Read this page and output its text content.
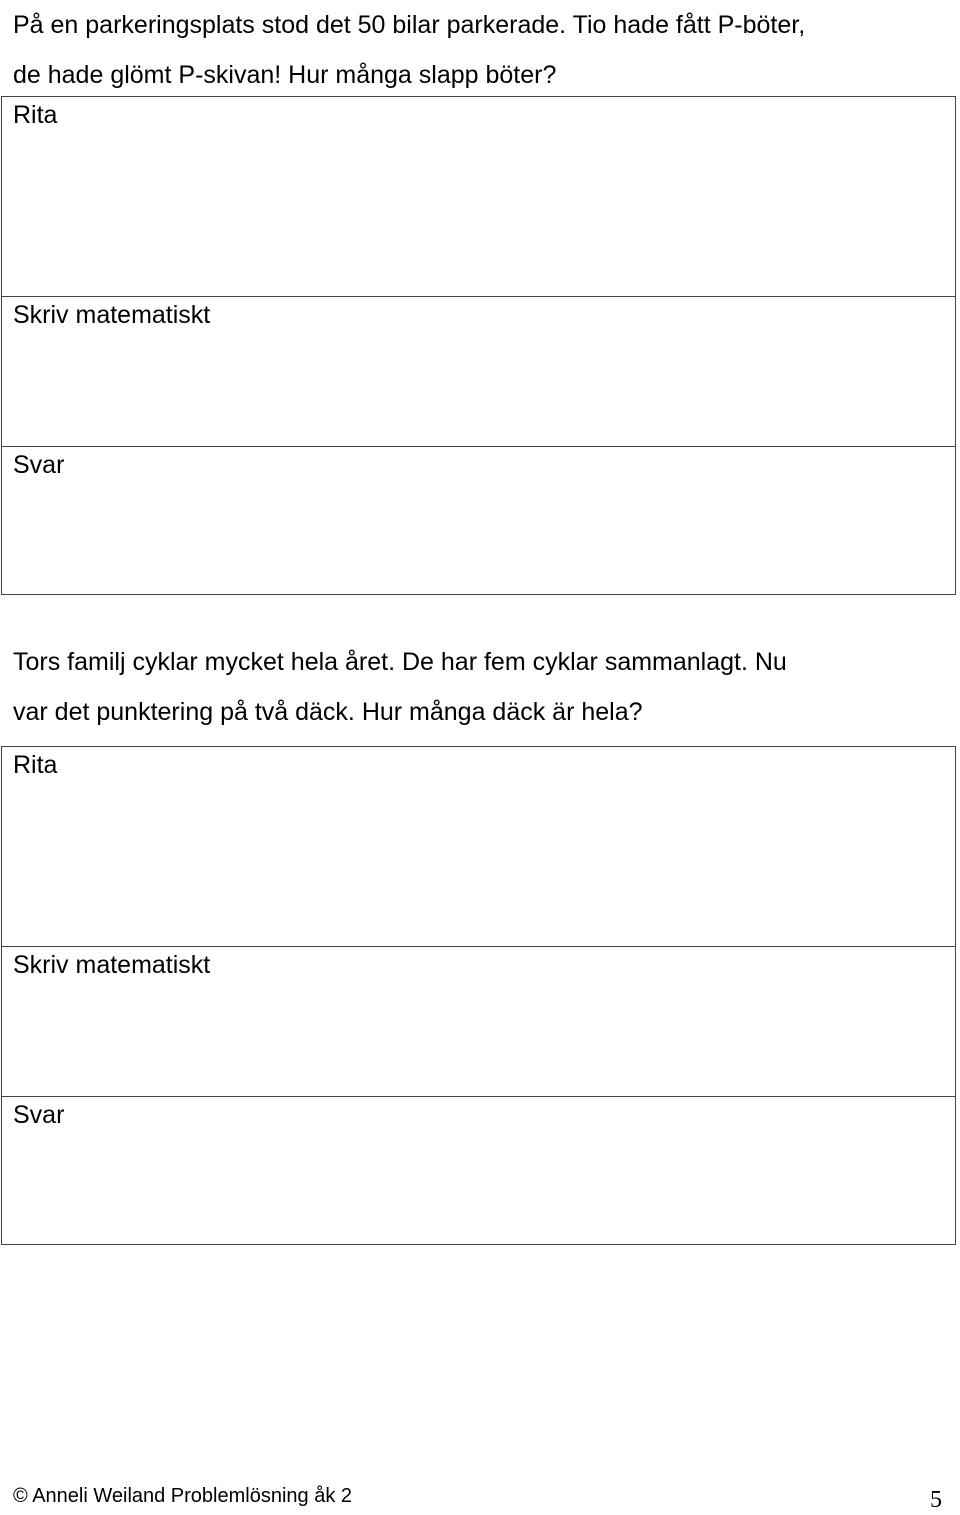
På en parkeringsplats stod det 50 bilar parkerade. Tio hade fått P-böter,
de hade glömt P-skivan! Hur många slapp böter?
Rita
Skriv matematiskt
Svar
Tors familj cyklar mycket hela året. De har fem cyklar sammanlagt. Nu
var det punktering på två däck. Hur många däck är hela?
Rita
Skriv matematiskt
Svar
© Anneli Weiland Problemlösning åk 2	5
